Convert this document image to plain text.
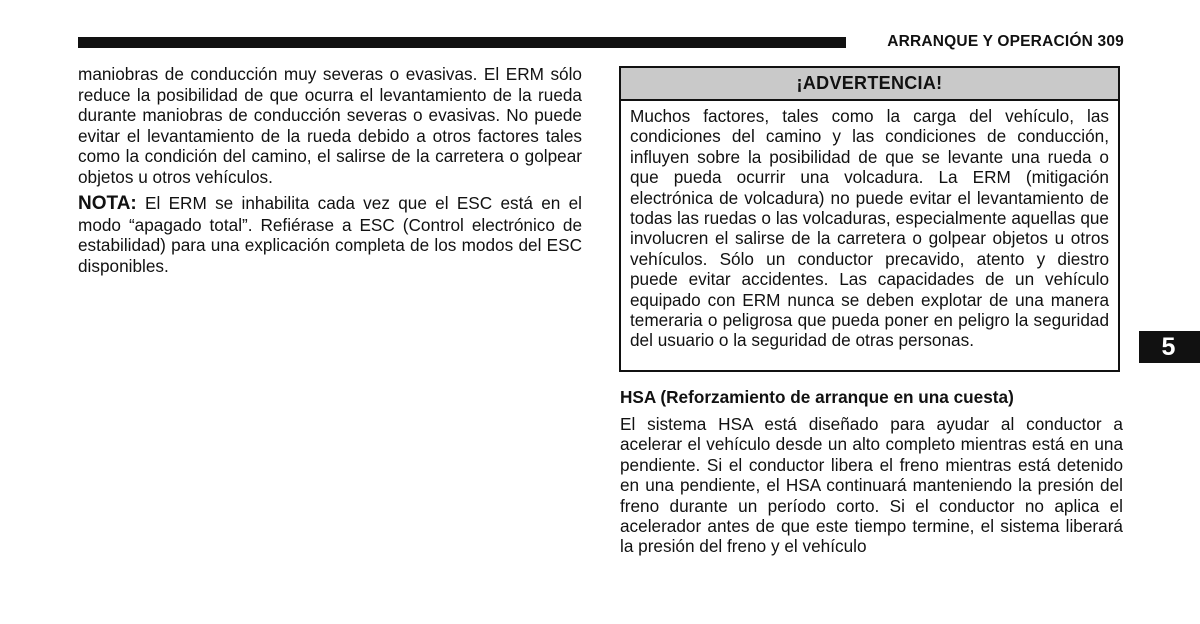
ARRANQUE Y OPERACIÓN 309

maniobras de conducción muy severas o evasivas. El ERM sólo reduce la posibilidad de que ocurra el levantamiento de la rueda durante maniobras de conducción severas o evasivas. No puede evitar el levantamiento de la rueda debido a otros factores tales como la condición del camino, el salirse de la carretera o golpear objetos u otros vehículos.

NOTA: El ERM se inhabilita cada vez que el ESC está en el modo “apagado total”. Refiérase a ESC (Control electrónico de estabilidad) para una explicación completa de los modos del ESC disponibles.

¡ADVERTENCIA!
Muchos factores, tales como la carga del vehículo, las condiciones del camino y las condiciones de conducción, influyen sobre la posibilidad de que se levante una rueda o que pueda ocurrir una volcadura. La ERM (mitigación electrónica de volcadura) no puede evitar el levantamiento de todas las ruedas o las volcaduras, especialmente aquellas que involucren el salirse de la carretera o golpear objetos u otros vehículos. Sólo un conductor precavido, atento y diestro puede evitar accidentes. Las capacidades de un vehículo equipado con ERM nunca se deben explotar de una manera temeraria o peligrosa que pueda poner en peligro la seguridad del usuario o la seguridad de otras personas.
HSA (Reforzamiento de arranque en una cuesta)
El sistema HSA está diseñado para ayudar al conductor a acelerar el vehículo desde un alto completo mientras está en una pendiente. Si el conductor libera el freno mientras está detenido en una pendiente, el HSA continuará manteniendo la presión del freno durante un período corto. Si el conductor no aplica el acelerador antes de que este tiempo termine, el sistema liberará la presión del freno y el vehículo
5
